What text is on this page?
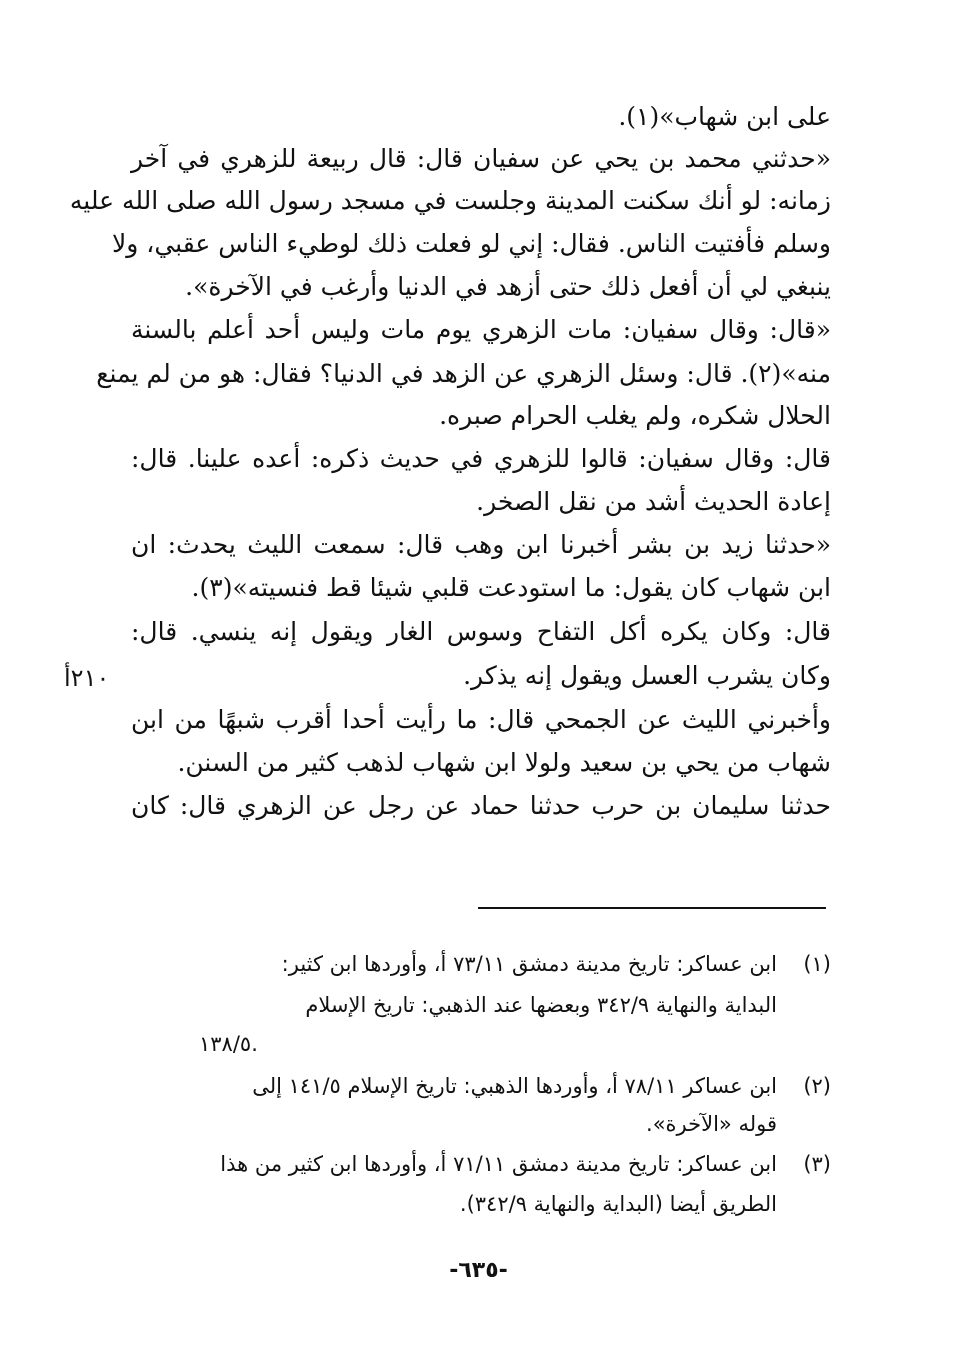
على ابن شهاب»(١).
«حدثني محمد بن يحي عن سفيان قال: قال ربيعة للزهري في آخر
زمانه: لو أنك سكنت المدينة وجلست في مسجد رسول الله صلى الله عليه
وسلم فأفتيت الناس. فقال: إني لو فعلت ذلك لوطيء الناس عقبي، ولا
ينبغي لي أن أفعل ذلك حتى أزهد في الدنيا وأرغب في الآخرة».
«قال: وقال سفيان: مات الزهري يوم مات وليس أحد أعلم بالسنة
منه»(٢). قال: وسئل الزهري عن الزهد في الدنيا؟ فقال: هو من لم يمنع
الحلال شكره، ولم يغلب الحرام صبره.
قال: وقال سفيان: قالوا للزهري في حديث ذكره: أعده علينا. قال:
إعادة الحديث أشد من نقل الصخر.
«حدثنا زيد بن بشر أخبرنا ابن وهب قال: سمعت الليث يحدث: ان
ابن شهاب كان يقول: ما استودعت قلبي شيئا قط فنسيته»(٣).
قال: وكان يكره أكل التفاح وسوس الغار ويقول إنه ينسي. قال:
وكان يشرب العسل ويقول إنه يذكر.
وأخبرني الليث عن الجمحي قال: ما رأيت أحدا أقرب شبهًا من ابن
شهاب من يحي بن سعيد ولولا ابن شهاب لذهب كثير من السنن.
حدثنا سليمان بن حرب حدثنا حماد عن رجل عن الزهري قال: كان
٢١٠أ
(١)
ابن عساكر: تاريخ مدينة دمشق ٧٣/١١ أ، وأوردها ابن كثير:
البداية والنهاية ٣٤٢/٩ وبعضها عند الذهبي: تاريخ الإسلام
١٣٨/٥.
(٢)
ابن عساكر ٧٨/١١ أ، وأوردها الذهبي: تاريخ الإسلام ١٤١/٥ إلى
قوله «الآخرة».
(٣)
ابن عساكر: تاريخ مدينة دمشق ٧١/١١ أ، وأوردها ابن كثير من هذا
الطريق أيضا (البداية والنهاية ٣٤٢/٩).
-٦٣٥-
